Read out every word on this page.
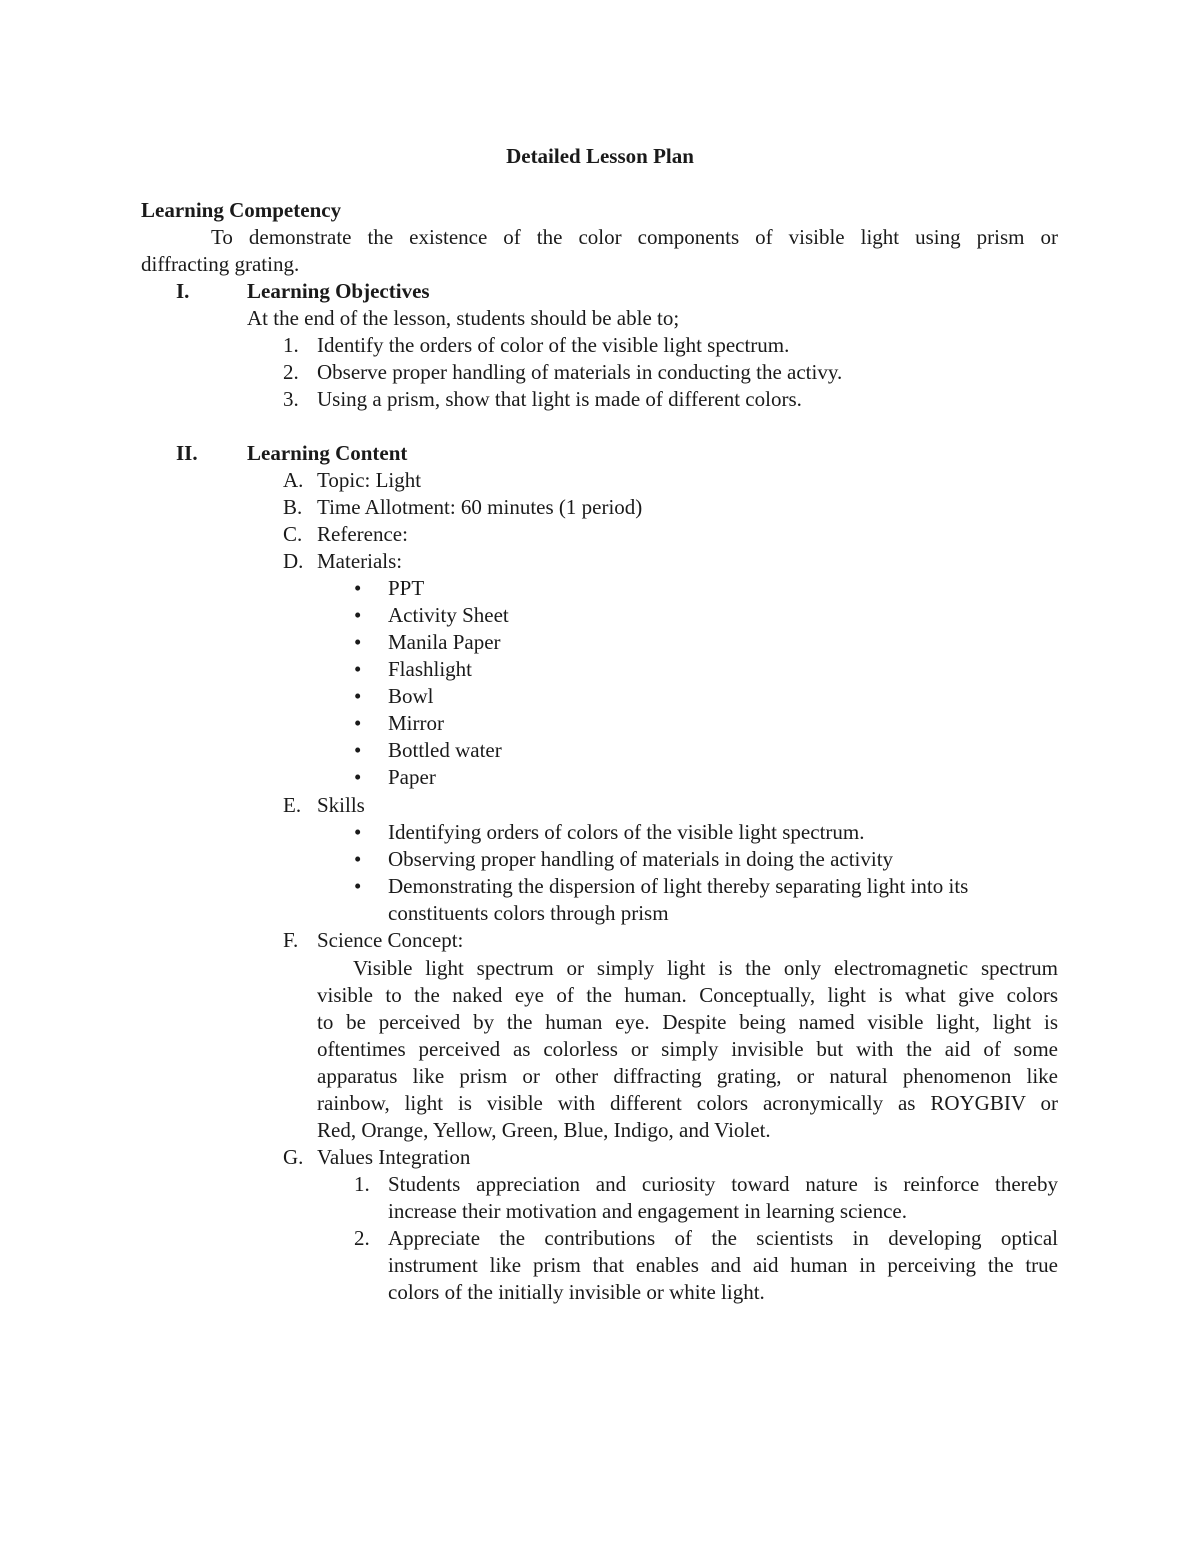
Detailed Lesson Plan
Learning Competency
To demonstrate the existence of the color components of visible light using prism or
diffracting grating.
I.	Learning Objectives
At the end of the lesson, students should be able to;
1. Identify the orders of color of the visible light spectrum.
2. Observe proper handling of materials in conducting the activy.
3. Using a prism, show that light is made of different colors.
II. Learning Content
A. Topic: Light
B. Time Allotment: 60 minutes (1 period)
C. Reference:
D. Materials:
• PPT
• Activity Sheet
• Manila Paper
• Flashlight
• Bowl
• Mirror
• Bottled water
• Paper
E. Skills
• Identifying orders of colors of the visible light spectrum.
• Observing proper handling of materials in doing the activity
• Demonstrating the dispersion of light thereby separating light into its
constituents colors through prism
F. Science Concept:
Visible light spectrum or simply light is the only electromagnetic spectrum
visible to the naked eye of the human. Conceptually, light is what give colors
to be perceived by the human eye. Despite being named visible light, light is
oftentimes perceived as colorless or simply invisible but with the aid of some
apparatus like prism or other diffracting grating, or natural phenomenon like
rainbow, light is visible with different colors acronymically as ROYGBIV or
Red, Orange, Yellow, Green, Blue, Indigo, and Violet.
G. Values Integration
1. Students appreciation and curiosity toward nature is reinforce thereby
increase their motivation and engagement in learning science.
2. Appreciate the contributions of the scientists in developing optical
instrument like prism that enables and aid human in perceiving the true
colors of the initially invisible or white light.
